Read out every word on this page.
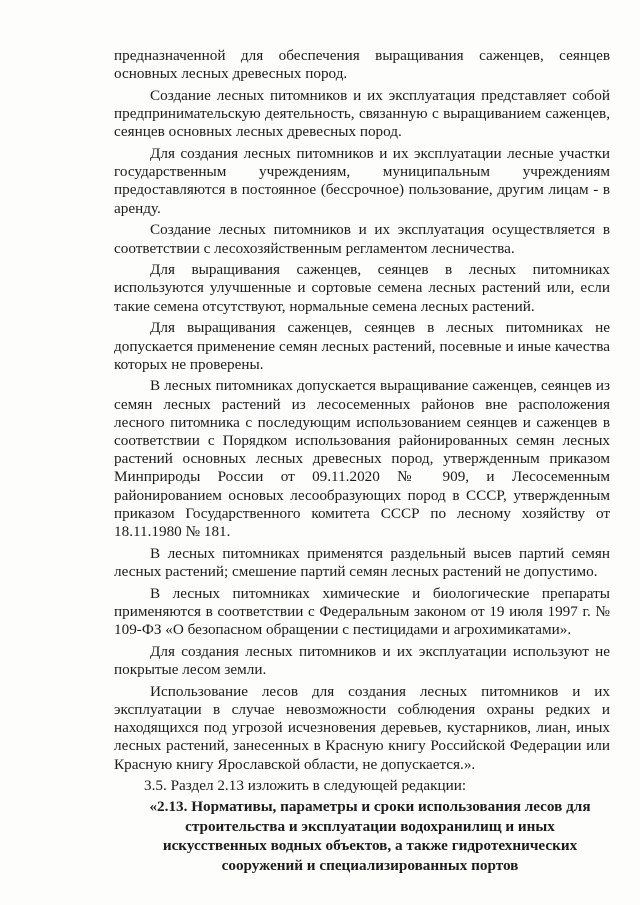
предназначенной для обеспечения выращивания саженцев, сеянцев основных лесных древесных пород.

Создание лесных питомников и их эксплуатация представляет собой предпринимательскую деятельность, связанную с выращиванием саженцев, сеянцев основных лесных древесных пород.

Для создания лесных питомников и их эксплуатации лесные участки государственным учреждениям, муниципальным учреждениям предоставляются в постоянное (бессрочное) пользование, другим лицам - в аренду.

Создание лесных питомников и их эксплуатация осуществляется в соответствии с лесохозяйственным регламентом лесничества.

Для выращивания саженцев, сеянцев в лесных питомниках используются улучшенные и сортовые семена лесных растений или, если такие семена отсутствуют, нормальные семена лесных растений.

Для выращивания саженцев, сеянцев в лесных питомниках не допускается применение семян лесных растений, посевные и иные качества которых не проверены.

В лесных питомниках допускается выращивание саженцев, сеянцев из семян лесных растений из лесосеменных районов вне расположения лесного питомника с последующим использованием сеянцев и саженцев в соответствии с Порядком использования районированных семян лесных растений основных лесных древесных пород, утвержденным приказом Минприроды России от 09.11.2020 № 909, и Лесосеменным районированием основых лесообразующих пород в СССР, утвержденным приказом Государственного комитета СССР по лесному хозяйству от 18.11.1980 № 181.

В лесных питомниках применятся раздельный высев партий семян лесных растений; смешение партий семян лесных растений не допустимо.

В лесных питомниках химические и биологические препараты применяются в соответствии с Федеральным законом от 19 июля 1997 г. № 109-ФЗ «О безопасном обращении с пестицидами и агрохимикатами».

Для создания лесных питомников и их эксплуатации используют не покрытые лесом земли.

Использование лесов для создания лесных питомников и их эксплуатации в случае невозможности соблюдения охраны редких и находящихся под угрозой исчезновения деревьев, кустарников, лиан, иных лесных растений, занесенных в Красную книгу Российской Федерации или Красную книгу Ярославской области, не допускается.».

3.5. Раздел 2.13 изложить в следующей редакции:

«2.13. Нормативы, параметры и сроки использования лесов для строительства и эксплуатации водохранилищ и иных искусственных водных объектов, а также гидротехнических сооружений и специализированных портов
